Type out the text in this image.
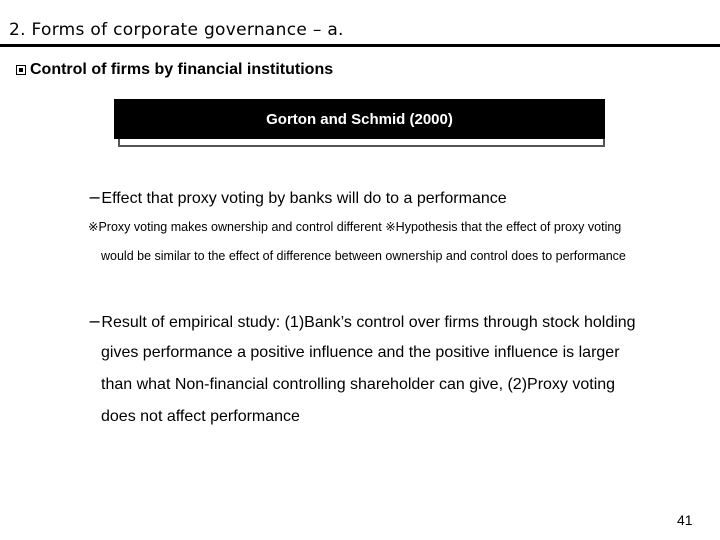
2. Forms of corporate governance – a.
Control of firms by financial institutions
Gorton and Schmid (2000)
−Effect that proxy voting by banks will do to a performance
※Proxy voting makes ownership and control different ※Hypothesis that the effect of proxy voting
would be similar to the effect of difference between ownership and control does to performance
−Result of empirical study: (1)Bank’s control over firms through stock holding
gives performance a positive influence and the positive influence is larger
than what Non-financial controlling shareholder can give, (2)Proxy voting
does not affect performance
41
